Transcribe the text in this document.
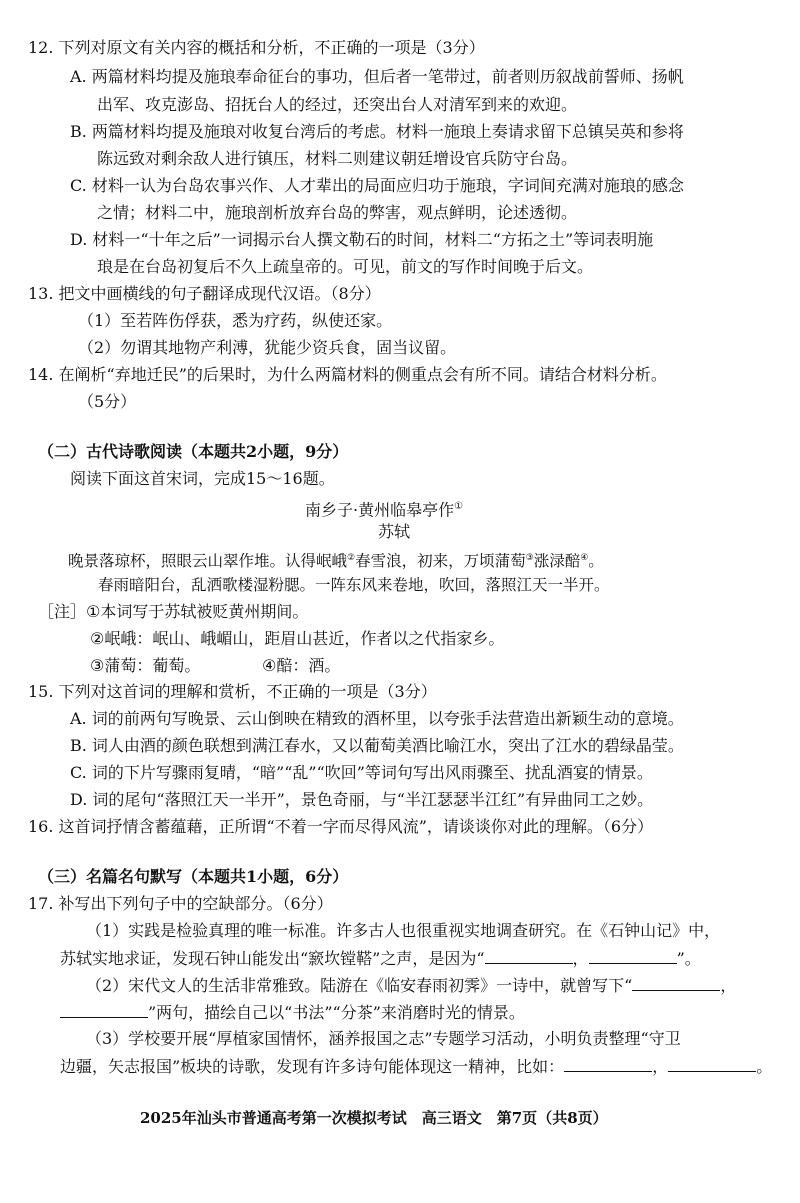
12. 下列对原文有关内容的概括和分析，不正确的一项是（3分）
A. 两篇材料均提及施琅奉命征台的事功，但后者一笔带过，前者则历叙战前誓师、扬帆
出军、攻克澎岛、招抚台人的经过，还突出台人对清军到来的欢迎。
B. 两篇材料均提及施琅对收复台湾后的考虑。材料一施琅上奏请求留下总镇吴英和参将
陈远致对剩余敌人进行镇压，材料二则建议朝廷增设官兵防守台岛。
C. 材料一认为台岛农事兴作、人才辈出的局面应归功于施琅，字词间充满对施琅的感念
之情；材料二中，施琅剖析放弃台岛的弊害，观点鲜明，论述透彻。
D. 材料一“十年之后”一词揭示台人撰文勒石的时间，材料二“方拓之土”等词表明施
琅是在台岛初复后不久上疏皇帝的。可见，前文的写作时间晚于后文。
13. 把文中画横线的句子翻译成现代汉语。（8分）
（1）至若阵伤俘获，悉为疗药，纵使还家。
（2）勿谓其地物产利溥，犹能少资兵食，固当议留。
14. 在阐析“弃地迁民”的后果时，为什么两篇材料的侧重点会有所不同。请结合材料分析。
（5分）
（二）古代诗歌阅读（本题共2小题，9分）
阅读下面这首宋词，完成15～16题。
南乡子·黄州临皋亭作①
苏轼
晚景落琼杯，照眼云山翠作堆。认得岷峨②春雪浪，初来，万顷蒲萄③涨渌醅④。
春雨暗阳台，乱洒歌楼湿粉腮。一阵东风来卷地，吹回，落照江天一半开。
［注］①本词写于苏轼被贬黄州期间。
②岷峨：岷山、峨嵋山，距眉山甚近，作者以之代指家乡。
③蒲萄：葡萄。	④醅：酒。
15. 下列对这首词的理解和赏析，不正确的一项是（3分）
A. 词的前两句写晚景、云山倒映在精致的酒杯里，以夸张手法营造出新颖生动的意境。
B. 词人由酒的颜色联想到满江春水，又以葡萄美酒比喻江水，突出了江水的碧绿晶莹。
C. 词的下片写骤雨复晴，“暗”“乱”“吹回”等词句写出风雨骤至、扰乱酒宴的情景。
D. 词的尾句“落照江天一半开”，景色奇丽，与“半江瑟瑟半江红”有异曲同工之妙。
16. 这首词抒情含蓄蕴藉，正所谓“不着一字而尽得风流”，请谈谈你对此的理解。（6分）
（三）名篇名句默写（本题共1小题，6分）
17. 补写出下列句子中的空缺部分。（6分）
（1）实践是检验真理的唯一标准。许多古人也很重视实地调查研究。在《石钟山记》中，
苏轼实地求证，发现石钟山能发出“窾坎镗鞳”之声，是因为“	，	”。
（2）宋代文人的生活非常雅致。陆游在《临安春雨初霁》一诗中，就曾写下“	，
”两句，描绘自己以“书法”“分茶”来消磨时光的情景。
（3）学校要开展“厚植家国情怀，涵养报国之志”专题学习活动，小明负责整理“守卫
边疆，矢志报国”板块的诗歌，发现有许多诗句能体现这一精神，比如：	，	。
2025年汕头市普通高考第一次模拟考试　高三语文　第7页（共8页）
